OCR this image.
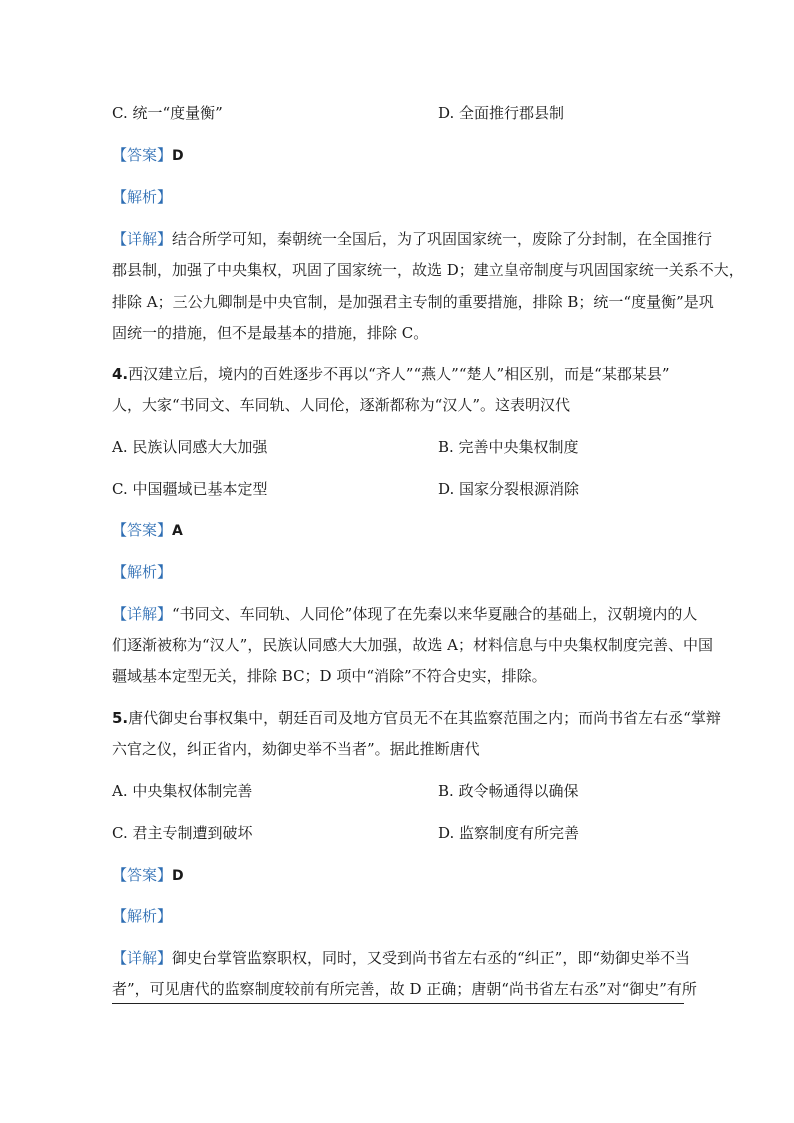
C. 统一“度量衡”	D. 全面推行郡县制
【答案】D
【解析】
【详解】结合所学可知，秦朝统一全国后，为了巩固国家统一，废除了分封制，在全国推行
郡县制，加强了中央集权，巩固了国家统一，故选 D；建立皇帝制度与巩固国家统一关系不大，
排除 A；三公九卿制是中央官制，是加强君主专制的重要措施，排除 B；统一“度量衡”是巩
固统一的措施，但不是最基本的措施，排除 C。
4.西汉建立后，境内的百姓逐步不再以“齐人”“燕人”“楚人”相区别，而是“某郡某县”
人，大家“书同文、车同轨、人同伦，逐渐都称为“汉人”。这表明汉代
A. 民族认同感大大加强	B. 完善中央集权制度
C. 中国疆域已基本定型	D. 国家分裂根源消除
【答案】A
【解析】
【详解】“书同文、车同轨、人同伦”体现了在先秦以来华夏融合的基础上，汉朝境内的人
们逐渐被称为“汉人”，民族认同感大大加强，故选 A；材料信息与中央集权制度完善、中国
疆域基本定型无关，排除 BC；D 项中“消除”不符合史实，排除。
5.唐代御史台事权集中，朝廷百司及地方官员无不在其监察范围之内；而尚书省左右丞“掌辩
六官之仪，纠正省内，劾御史举不当者”。据此推断唐代
A. 中央集权体制完善	B. 政令畅通得以确保
C. 君主专制遭到破坏	D. 监察制度有所完善
【答案】D
【解析】
【详解】御史台掌管监察职权，同时，又受到尚书省左右丞的“纠正”，即“劾御史举不当
者”，可见唐代的监察制度较前有所完善，故 D 正确；唐朝“尚书省左右丞”对“御史”有所
